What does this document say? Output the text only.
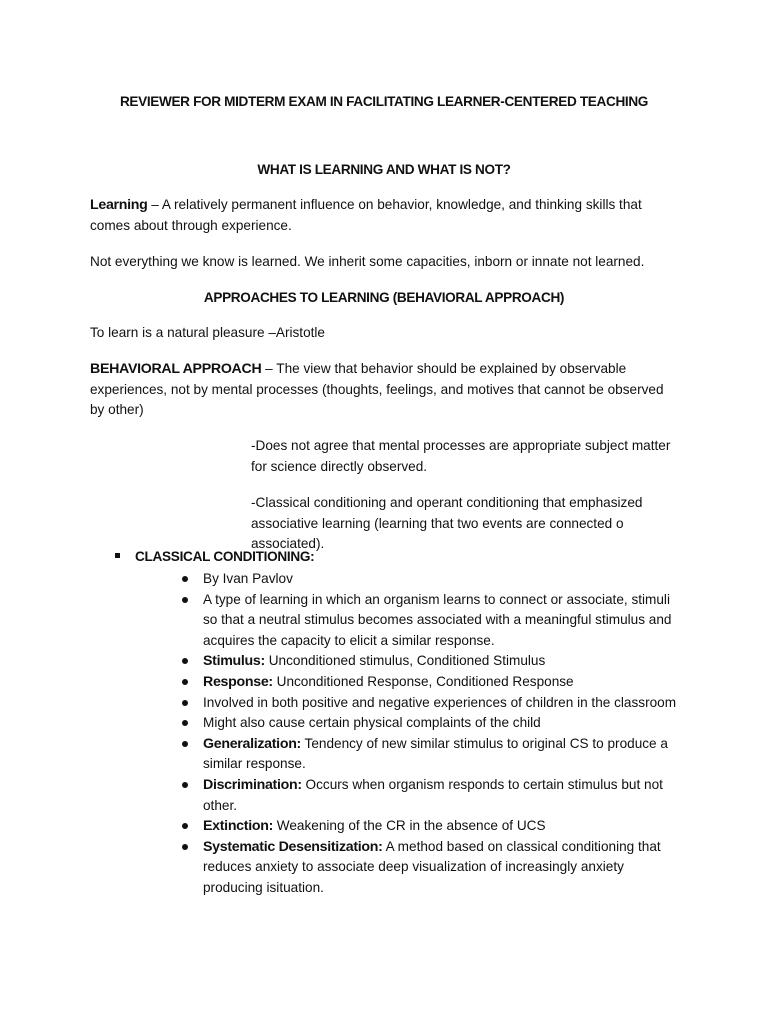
REVIEWER FOR MIDTERM EXAM IN FACILITATING LEARNER-CENTERED TEACHING
WHAT IS LEARNING AND WHAT IS NOT?

Learning – A relatively permanent influence on behavior, knowledge, and thinking skills that comes about through experience.

Not everything we know is learned. We inherit some capacities, inborn or innate not learned.

APPROACHES TO LEARNING (BEHAVIORAL APPROACH)

To learn is a natural pleasure –Aristotle

BEHAVIORAL APPROACH – The view that behavior should be explained by observable experiences, not by mental processes (thoughts, feelings, and motives that cannot be observed by other)

-Does not agree that mental processes are appropriate subject matter for science directly observed.

-Classical conditioning and operant conditioning that emphasized associative learning (learning that two events are connected o associated).

CLASSICAL CONDITIONING:
By Ivan Pavlov
A type of learning in which an organism learns to connect or associate, stimuli so that a neutral stimulus becomes associated with a meaningful stimulus and acquires the capacity to elicit a similar response.
Stimulus: Unconditioned stimulus, Conditioned Stimulus
Response: Unconditioned Response, Conditioned Response
Involved in both positive and negative experiences of children in the classroom
Might also cause certain physical complaints of the child
Generalization: Tendency of new similar stimulus to original CS to produce a similar response.
Discrimination: Occurs when organism responds to certain stimulus but not other.
Extinction: Weakening of the CR in the absence of UCS
Systematic Desensitization: A method based on classical conditioning that reduces anxiety to associate deep visualization of increasingly anxiety producing isituation.
